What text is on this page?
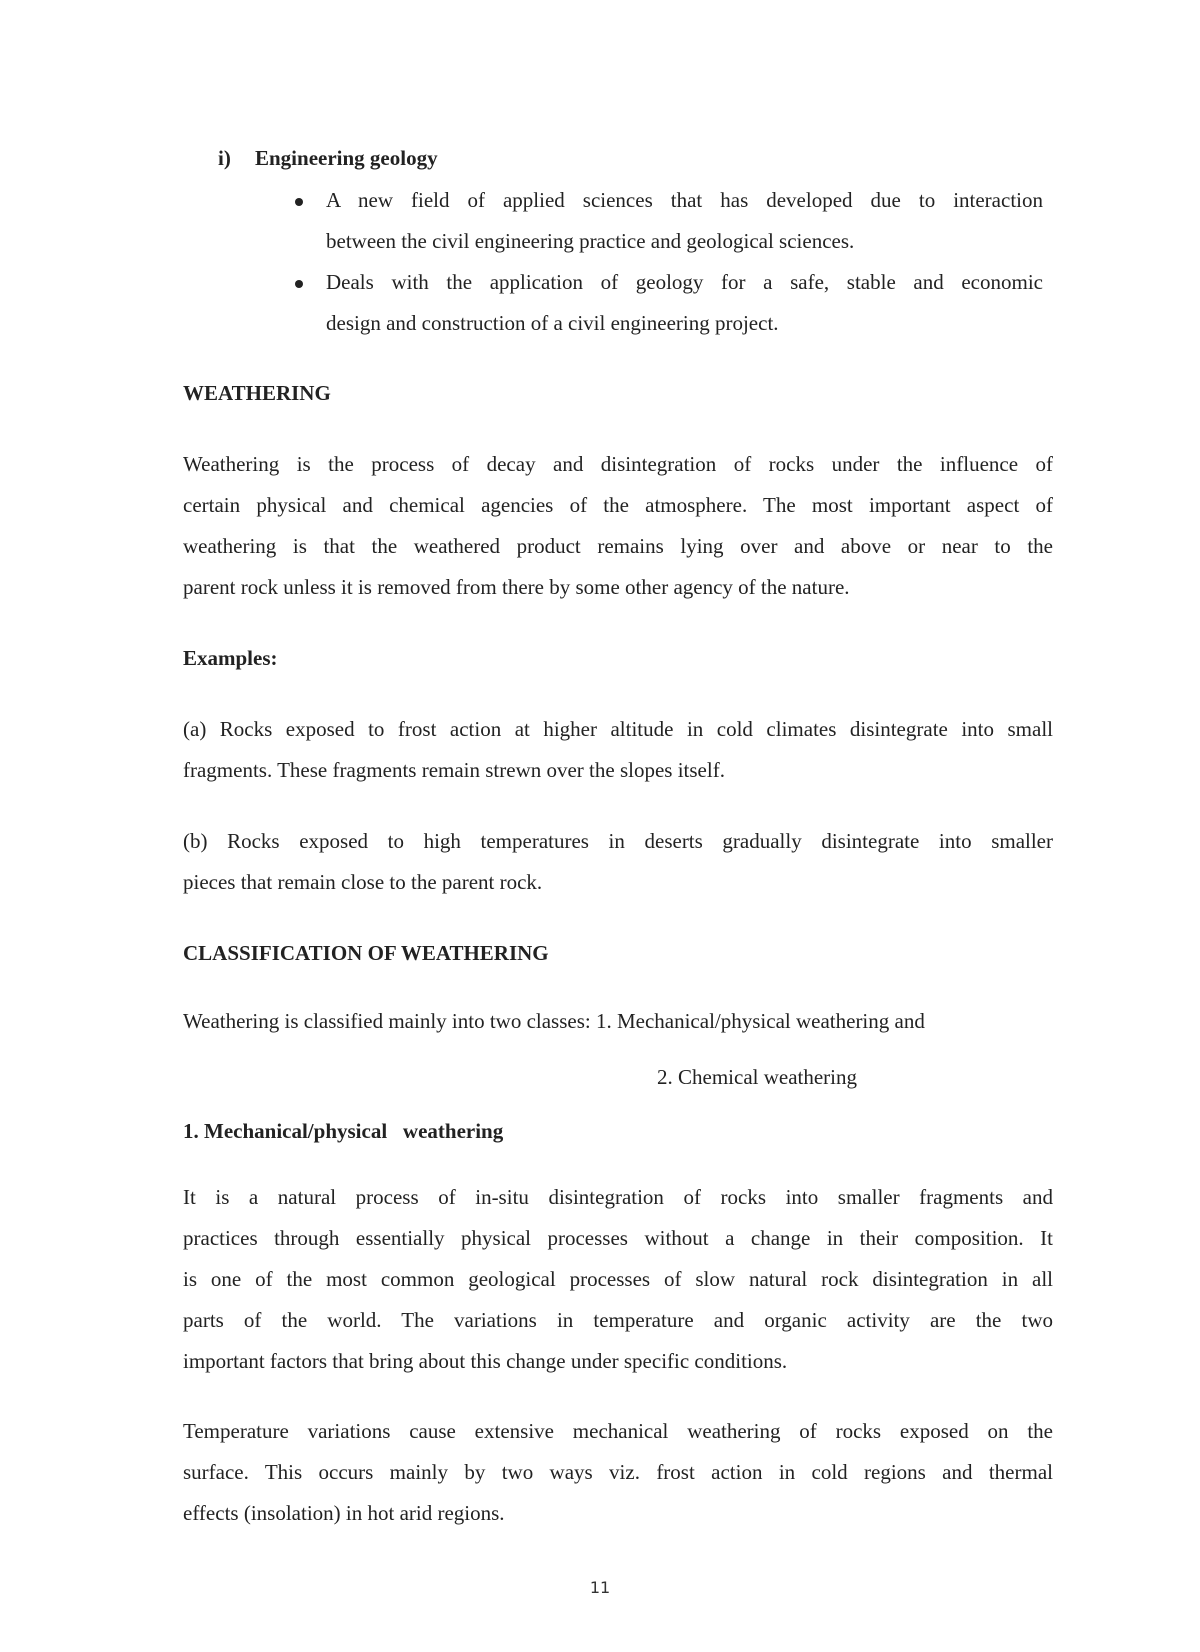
i) Engineering geology
A new field of applied sciences that has developed due to interaction
between the civil engineering practice and geological sciences.
Deals with the application of geology for a safe, stable and economic
design and construction of a civil engineering project.
WEATHERING
Weathering is the process of decay and disintegration of rocks under the influence of
certain physical and chemical agencies of the atmosphere. The most important aspect of
weathering is that the weathered product remains lying over and above or near to the
parent rock unless it is removed from there by some other agency of the nature.
Examples:
(a) Rocks exposed to frost action at higher altitude in cold climates disintegrate into small
fragments. These fragments remain strewn over the slopes itself.
(b) Rocks exposed to high temperatures in deserts gradually disintegrate into smaller
pieces that remain close to the parent rock.
CLASSIFICATION OF WEATHERING
Weathering is classified mainly into two classes: 1. Mechanical/physical weathering and
2. Chemical weathering
1. Mechanical/physical   weathering
It is a natural process of in-situ disintegration of rocks into smaller fragments and
practices through essentially physical processes without a change in their composition. It
is one of the most common geological processes of slow natural rock disintegration in all
parts of the world. The variations in temperature and organic activity are the two
important factors that bring about this change under specific conditions.
Temperature variations cause extensive mechanical weathering of rocks exposed on the
surface. This occurs mainly by two ways viz. frost action in cold regions and thermal
effects (insolation) in hot arid regions.
11
